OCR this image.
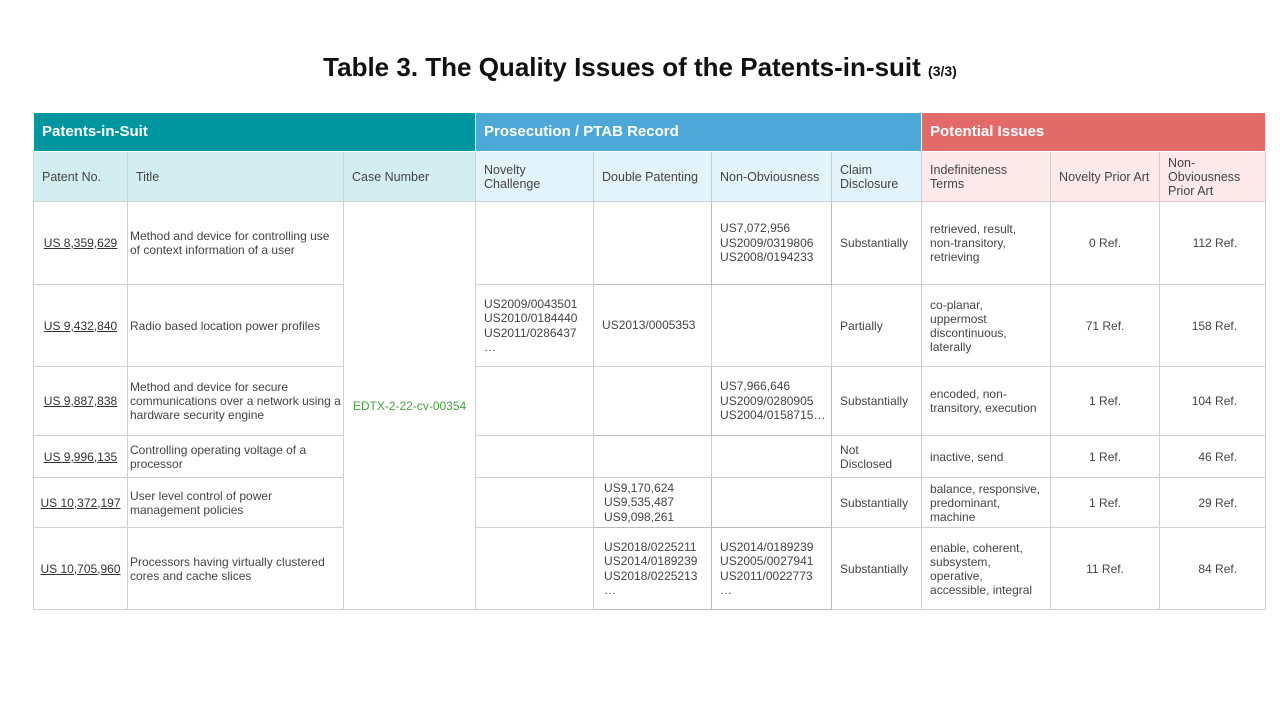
Table 3. The Quality Issues of the Patents-in-suit (3/3)
Patents-in-Suit			Prosecution / PTAB Record				Potential Issues		
Patent No.	Title	Case Number	Novelty Challenge	Double Patenting	Non-Obviousness	Claim Disclosure	Indefiniteness Terms	Novelty Prior Art	Non-Obviousness Prior Art
US 8,359,629	Method and device for controlling use of context information of a user	EDTX-2-22-cv-00354			US7,072,956
US2009/0319806
US2008/0194233	Substantially	retrieved, result, non-transitory, retrieving	0 Ref.	112 Ref.
US 9,432,840	Radio based location power profiles		US2009/0043501
US2010/0184440
US2011/0286437
…	US2013/0005353		Partially	co-planar, uppermost discontinuous, laterally	71 Ref.	158 Ref.
US 9,887,838	Method and device for secure communications over a network using a hardware security engine				US7,966,646
US2009/0280905
US2004/0158715…	Substantially	encoded, non-transitory, execution	1 Ref.	104 Ref.
US 9,996,135	Controlling operating voltage of a processor					Not Disclosed	inactive, send	1 Ref.	46 Ref.
US 10,372,197	User level control of power management policies			US9,170,624
US9,535,487
US9,098,261		Substantially	balance, responsive, predominant, machine	1 Ref.	29 Ref.
US 10,705,960	Processors having virtually clustered cores and cache slices			US2018/0225211
US2014/0189239
US2018/0225213
…	US2014/0189239
US2005/0027941
US2011/0022773
…	Substantially	enable, coherent, subsystem, operative, accessible, integral	11 Ref.	84 Ref.
